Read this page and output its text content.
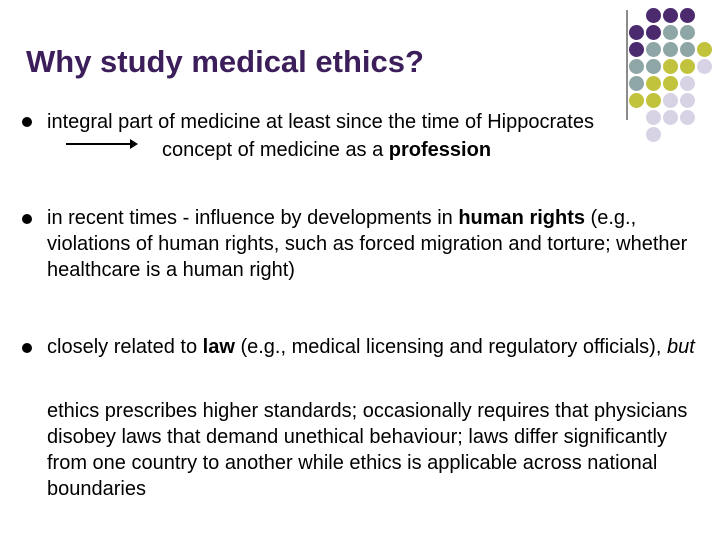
Why study medical ethics?
integral part of medicine at least since the time of Hippocrates
concept of medicine as a profession
in recent times - influence by developments in human rights (e.g., violations of human rights, such as forced migration and torture; whether healthcare is a human right)
closely related to law (e.g., medical licensing and regulatory officials), but
ethics prescribes higher standards; occasionally requires that physicians disobey laws that demand unethical behaviour; laws differ significantly from one country to another while ethics is applicable across national boundaries
